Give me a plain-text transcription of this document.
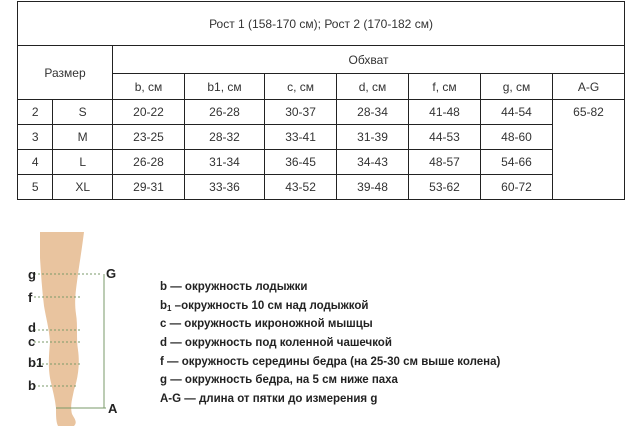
Рост 1 (158-170 см); Рост 2 (170-182 см)								
Размер		Обхват						
		b, см	b1, см	c, см	d, см	f, см	g, см	A-G
2	S	20-22	26-28	30-37	28-34	41-48	44-54	65-82
3	M	23-25	28-32	33-41	31-39	44-53	48-60	
4	L	26-28	31-34	36-45	34-43	48-57	54-66	
5	XL	29-31	33-36	43-52	39-48	53-62	60-72	
g
f
d
c
b1
b
G
A
b — окружность лодыжки
$b_1$ –окружность 10 см над лодыжкой
c — окружность икроножной мышцы
d — окружность под коленной чашечкой
f — окружность середины бедра (на 25-30 см выше колена)
g — окружность бедра, на 5 см ниже паха
A-G — длина от пятки до измерения g
